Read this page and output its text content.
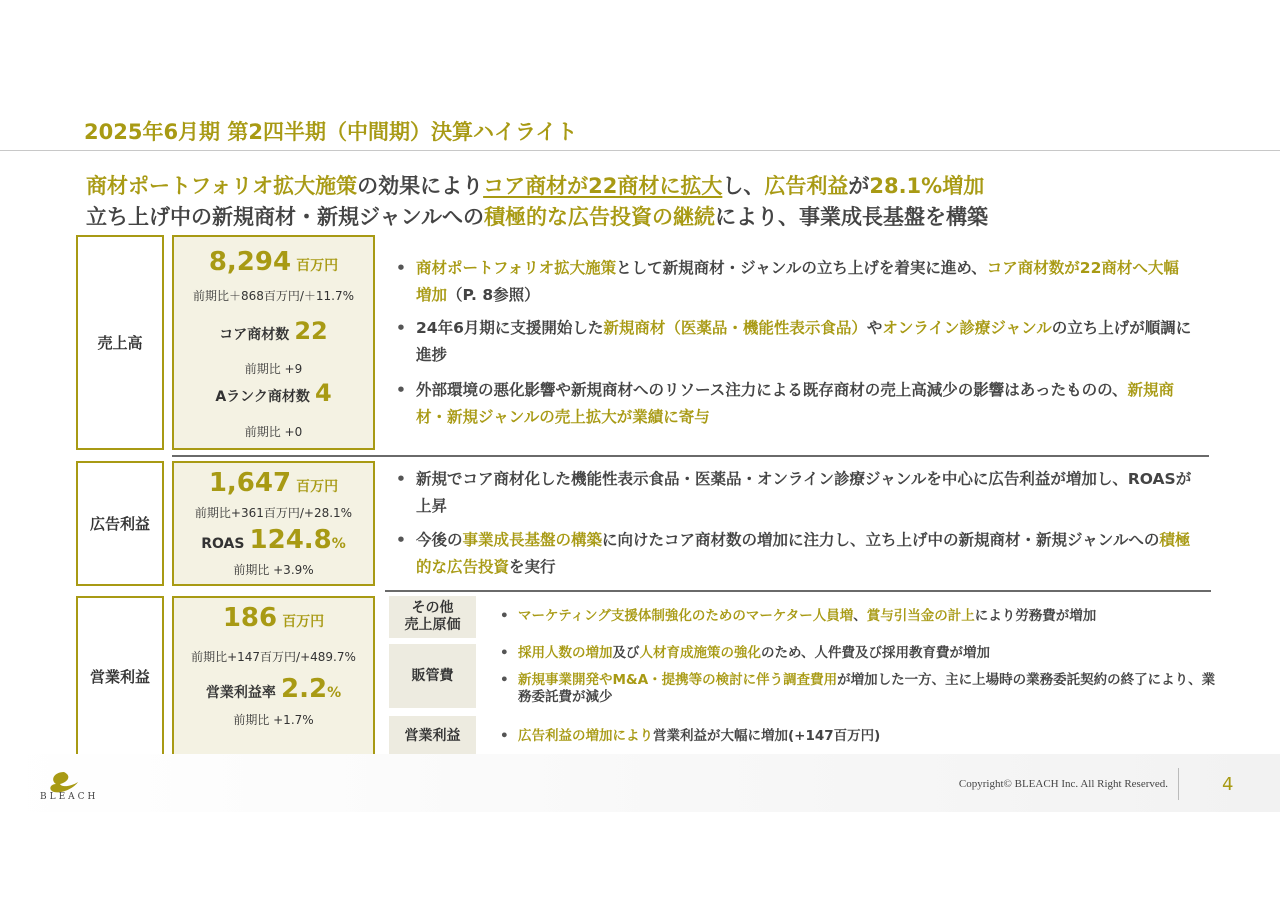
2025年6月期 第2四半期（中間期）決算ハイライト
商材ポートフォリオ拡大施策の効果によりコア商材が22商材に拡大し、広告利益が28.1%増加
立ち上げ中の新規商材・新規ジャンルへの積極的な広告投資の継続により、事業成長基盤を構築
売上高
8,294 百万円
前期比＋868百万円/＋11.7%
コア商材数 22
前期比 +9
Aランク商材数 4
前期比 +0
• 商材ポートフォリオ拡大施策として新規商材・ジャンルの立ち上げを着実に進め、コア商材数が22商材へ大幅増加（P. 8参照）
• 24年6月期に支援開始した新規商材（医薬品・機能性表示食品）やオンライン診療ジャンルの立ち上げが順調に進捗
• 外部環境の悪化影響や新規商材へのリソース注力による既存商材の売上高減少の影響はあったものの、新規商材・新規ジャンルの売上拡大が業績に寄与
広告利益
1,647 百万円
前期比+361百万円/+28.1%
ROAS 124.8%
前期比 +3.9%
• 新規でコア商材化した機能性表示食品・医薬品・オンライン診療ジャンルを中心に広告利益が増加し、ROASが上昇
• 今後の事業成長基盤の構築に向けたコア商材数の増加に注力し、立ち上げ中の新規商材・新規ジャンルへの積極的な広告投資を実行
営業利益
186 百万円
前期比+147百万円/+489.7%
営業利益率 2.2%
前期比 +1.7%
その他
売上原価
• マーケティング支援体制強化のためのマーケター人員増、賞与引当金の計上により労務費が増加
販管費
• 採用人数の増加及び人材育成施策の強化のため、人件費及び採用教育費が増加
• 新規事業開発やM&A・提携等の検討に伴う調査費用が増加した一方、主に上場時の業務委託契約の終了により、業務委託費が減少
営業利益
•	広告利益の増加により営業利益が大幅に増加(+147百万円)
BLEACH
Copyright© BLEACH Inc. All Right Reserved.	4
